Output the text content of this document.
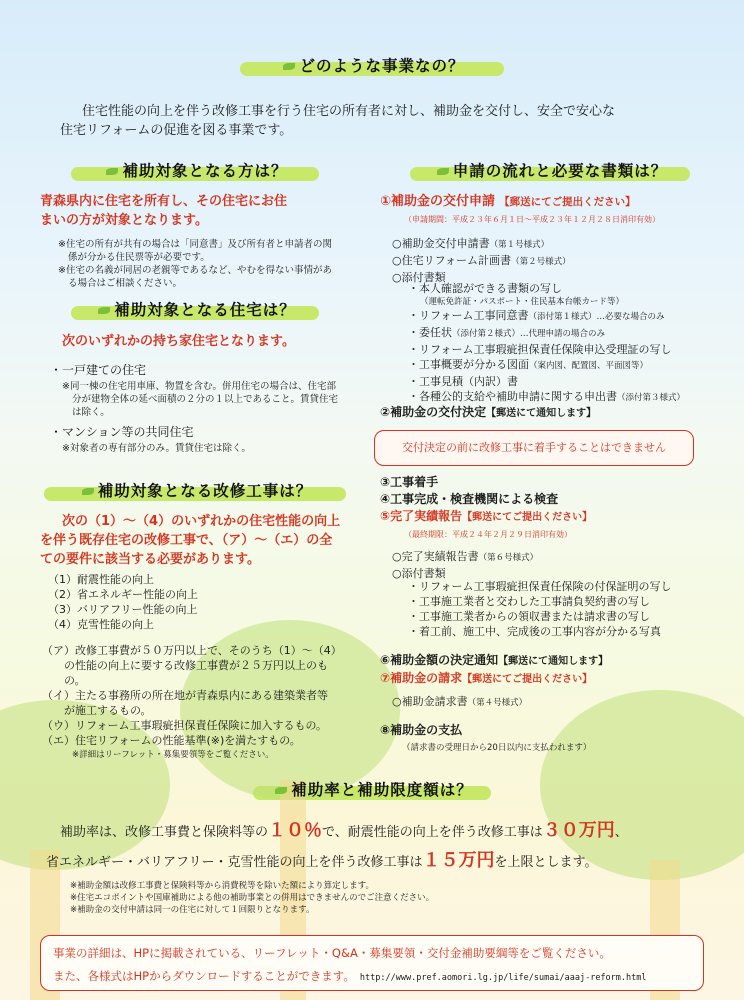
どのような事業なの？
住宅性能の向上を伴う改修工事を行う住宅の所有者に対し、補助金を交付し、安全で安心な
住宅リフォームの促進を図る事業です。
補助対象となる方は？
青森県内に住宅を所有し、その住宅にお住
まいの方が対象となります。
※住宅の所有が共有の場合は「同意書」及び所有者と申請者の関
係が分かる住民票等が必要です。
※住宅の名義が同居の老親等であるなど、やむを得ない事情があ
る場合はご相談ください。
補助対象となる住宅は？
次のいずれかの持ち家住宅となります。
・一戸建ての住宅
※同一棟の住宅用車庫、物置を含む。併用住宅の場合は、住宅部
分が建物全体の延べ面積の２分の１以上であること。賃貸住宅
は除く。
・マンション等の共同住宅
※対象者の専有部分のみ。賃貸住宅は除く。
補助対象となる改修工事は？
次の（1）～（4）のいずれかの住宅性能の向上
を伴う既存住宅の改修工事で、（ア）～（エ）の全
ての要件に該当する必要があります。
（1）耐震性能の向上
（2）省エネルギー性能の向上
（3）バリアフリー性能の向上
（4）克雪性能の向上
（ア）改修工事費が５０万円以上で、そのうち（1）～（4）
の性能の向上に要する改修工事費が２５万円以上のも
の。
（イ）主たる事務所の所在地が青森県内にある建築業者等
が施工するもの。
（ウ）リフォーム工事瑕疵担保責任保険に加入するもの。
（エ）住宅リフォームの性能基準(※)を満たすもの。
※詳細はリーフレット・募集要領等をご覧ください。
申請の流れと必要な書類は？
①補助金の交付申請 【郵送にてご提出ください】
（申請期間：平成２３年６月１日～平成２３年１２月２８日消印有効）
○補助金交付申請書（第１号様式）
○住宅リフォーム計画書（第２号様式）
○添付書類
・本人確認ができる書類の写し
（運転免許証・パスポート・住民基本台帳カード等）
・リフォーム工事同意書（添付第１様式）…必要な場合のみ
・委任状（添付第２様式）…代理申請の場合のみ
・リフォーム工事瑕疵担保責任保険申込受理証の写し
・工事概要が分かる図面（案内図、配置図、平面図等）
・工事見積（内訳）書
・各種公的支給や補助申請に関する申出書（添付第３様式）
②補助金の交付決定【郵送にて通知します】
交付決定の前に改修工事に着手することはできません
③工事着手
④工事完成・検査機関による検査
⑤完了実績報告【郵送にてご提出ください】
（最終期限：平成２４年２月２９日消印有効）
○完了実績報告書（第６号様式）
○添付書類
・リフォーム工事瑕疵担保責任保険の付保証明の写し
・工事施工業者と交わした工事請負契約書の写し
・工事施工業者からの領収書または請求書の写し
・着工前、施工中、完成後の工事内容が分かる写真
⑥補助金額の決定通知【郵送にて通知します】
⑦補助金の請求【郵送にてご提出ください】
○補助金請求書（第４号様式）
⑧補助金の支払
（請求書の受理日から20日以内に支払われます）
補助率と補助限度額は？
補助率は、改修工事費と保険料等の１０％で、耐震性能の向上を伴う改修工事は３０万円、
省エネルギー・バリアフリー・克雪性能の向上を伴う改修工事は１５万円を上限とします。
※補助金額は改修工事費と保険料等から消費税等を除いた額により算定します。
※住宅エコポイントや国庫補助による他の補助事業との併用はできませんのでご注意ください。
※補助金の交付申請は同一の住宅に対して１回限りとなります。
事業の詳細は、HPに掲載されている、リーフレット・Q&A・募集要領・交付金補助要綱等をご覧ください。
また、各様式はHPからダウンロードすることができます。 http://www.pref.aomori.lg.jp/life/sumai/aaaj-reform.html
